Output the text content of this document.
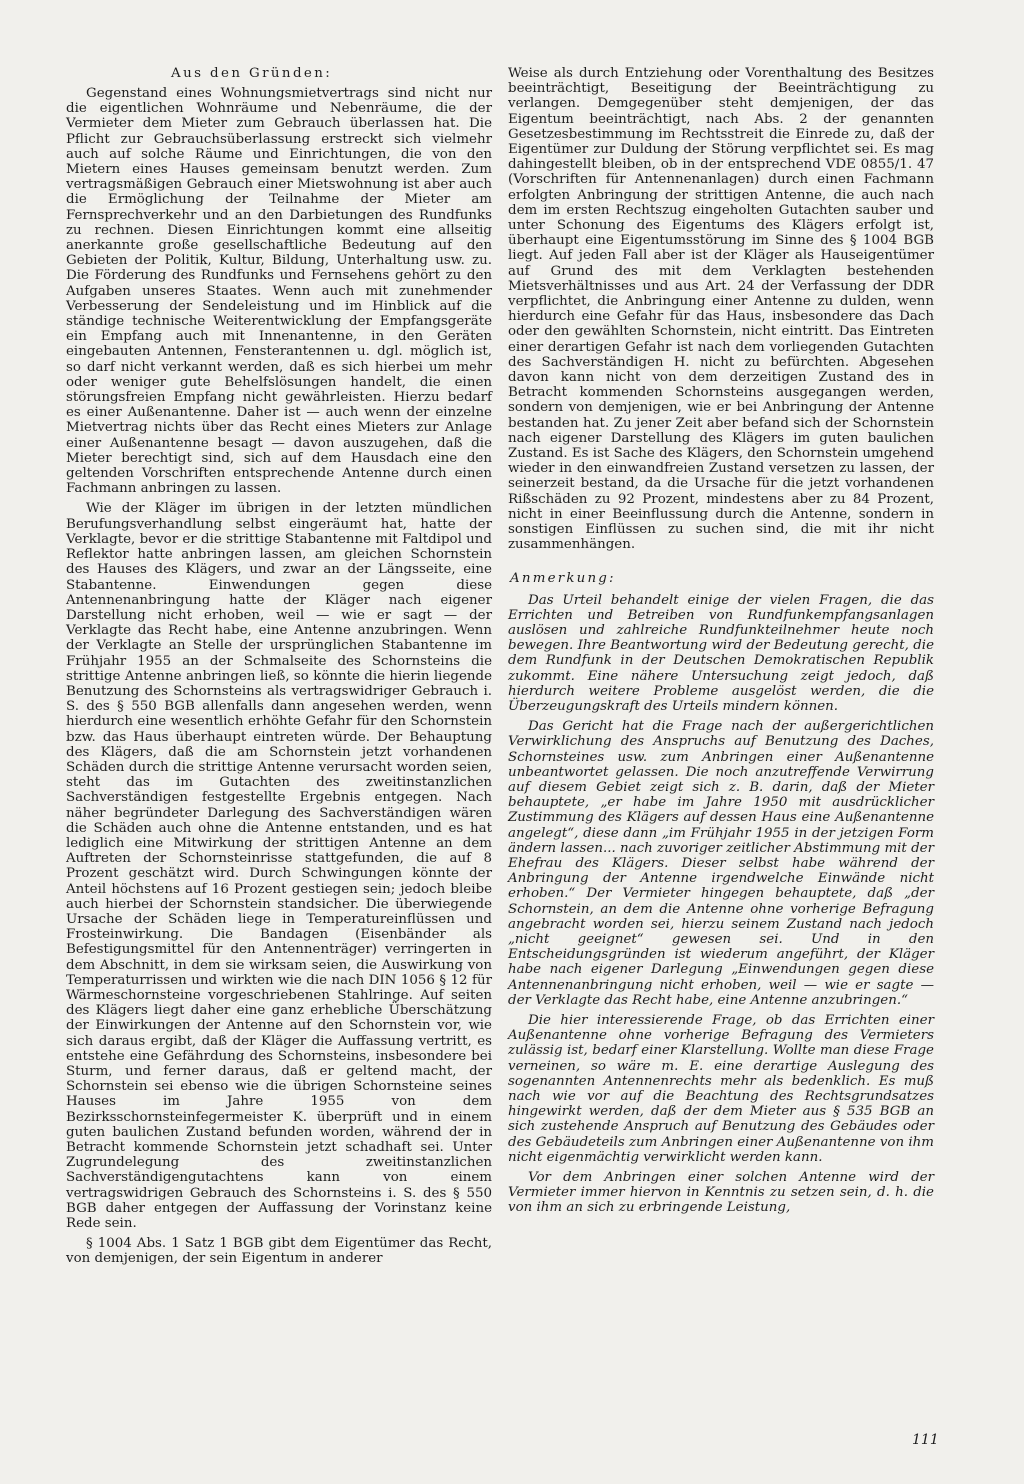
Aus den Gründen:

Gegenstand eines Wohnungsmietvertrags sind nicht nur die eigentlichen Wohnräume und Nebenräume, die der Vermieter dem Mieter zum Gebrauch überlassen hat. Die Pflicht zur Gebrauchsüberlassung erstreckt sich vielmehr auch auf solche Räume und Einrichtungen, die von den Mietern eines Hauses gemeinsam benutzt werden. Zum vertragsmäßigen Gebrauch einer Mietswohnung ist aber auch die Ermöglichung der Teilnahme der Mieter am Fernsprechverkehr und an den Darbietungen des Rundfunks zu rechnen. Diesen Einrichtungen kommt eine allseitig anerkannte große gesellschaftliche Bedeutung auf den Gebieten der Politik, Kultur, Bildung, Unterhaltung usw. zu. Die Förderung des Rundfunks und Fernsehens gehört zu den Aufgaben unseres Staates. Wenn auch mit zunehmender Verbesserung der Sendeleistung und im Hinblick auf die ständige technische Weiterentwicklung der Empfangsgeräte ein Empfang auch mit Innenantenne, in den Geräten eingebauten Antennen, Fensterantennen u. dgl. möglich ist, so darf nicht verkannt werden, daß es sich hierbei um mehr oder weniger gute Behelfslösungen handelt, die einen störungsfreien Empfang nicht gewährleisten. Hierzu bedarf es einer Außenantenne. Daher ist — auch wenn der einzelne Mietvertrag nichts über das Recht eines Mieters zur Anlage einer Außenantenne besagt — davon auszugehen, daß die Mieter berechtigt sind, sich auf dem Hausdach eine den geltenden Vorschriften entsprechende Antenne durch einen Fachmann anbringen zu lassen.

Wie der Kläger im übrigen in der letzten mündlichen Berufungsverhandlung selbst eingeräumt hat, hatte der Verklagte, bevor er die strittige Stabantenne mit Faltdipol und Reflektor hatte anbringen lassen, am gleichen Schornstein des Hauses des Klägers, und zwar an der Längsseite, eine Stabantenne. Einwendungen gegen diese Antennenanbringung hatte der Kläger nach eigener Darstellung nicht erhoben, weil — wie er sagt — der Verklagte das Recht habe, eine Antenne anzubringen. Wenn der Verklagte an Stelle der ursprünglichen Stabantenne im Frühjahr 1955 an der Schmalseite des Schornsteins die strittige Antenne anbringen ließ, so könnte die hierin liegende Benutzung des Schornsteins als vertragswidriger Gebrauch i. S. des § 550 BGB allenfalls dann angesehen werden, wenn hierdurch eine wesentlich erhöhte Gefahr für den Schornstein bzw. das Haus überhaupt eintreten würde. Der Behauptung des Klägers, daß die am Schornstein jetzt vorhandenen Schäden durch die strittige Antenne verursacht worden seien, steht das im Gutachten des zweitinstanzlichen Sachverständigen festgestellte Ergebnis entgegen. Nach näher begründeter Darlegung des Sachverständigen wären die Schäden auch ohne die Antenne entstanden, und es hat lediglich eine Mitwirkung der strittigen Antenne an dem Auftreten der Schornsteinrisse stattgefunden, die auf 8 Prozent geschätzt wird. Durch Schwingungen könnte der Anteil höchstens auf 16 Prozent gestiegen sein; jedoch bleibe auch hierbei der Schornstein standsicher. Die überwiegende Ursache der Schäden liege in Temperatureinflüssen und Frosteinwirkung. Die Bandagen (Eisenbänder als Befestigungsmittel für den Antennenträger) verringerten in dem Abschnitt, in dem sie wirksam seien, die Auswirkung von Temperaturrissen und wirkten wie die nach DIN 1056 § 12 für Wärmeschornsteine vorgeschriebenen Stahlringe. Auf seiten des Klägers liegt daher eine ganz erhebliche Überschätzung der Einwirkungen der Antenne auf den Schornstein vor, wie sich daraus ergibt, daß der Kläger die Auffassung vertritt, es entstehe eine Gefährdung des Schornsteins, insbesondere bei Sturm, und ferner daraus, daß er geltend macht, der Schornstein sei ebenso wie die übrigen Schornsteine seines Hauses im Jahre 1955 von dem Bezirksschornsteinfegermeister K. überprüft und in einem guten baulichen Zustand befunden worden, während der in Betracht kommende Schornstein jetzt schadhaft sei. Unter Zugrundelegung des zweitinstanzlichen Sachverständigengutachtens kann von einem vertragswidrigen Gebrauch des Schornsteins i. S. des § 550 BGB daher entgegen der Auffassung der Vorinstanz keine Rede sein.

§ 1004 Abs. 1 Satz 1 BGB gibt dem Eigentümer das Recht, von demjenigen, der sein Eigentum in anderer

Weise als durch Entziehung oder Vorenthaltung des Besitzes beeinträchtigt, Beseitigung der Beeinträchtigung zu verlangen. Demgegenüber steht demjenigen, der das Eigentum beeinträchtigt, nach Abs. 2 der genannten Gesetzesbestimmung im Rechtsstreit die Einrede zu, daß der Eigentümer zur Duldung der Störung verpflichtet sei. Es mag dahingestellt bleiben, ob in der entsprechend VDE 0855/1. 47 (Vorschriften für Antennenanlagen) durch einen Fachmann erfolgten Anbringung der strittigen Antenne, die auch nach dem im ersten Rechtszug eingeholten Gutachten sauber und unter Schonung des Eigentums des Klägers erfolgt ist, überhaupt eine Eigentumsstörung im Sinne des § 1004 BGB liegt. Auf jeden Fall aber ist der Kläger als Hauseigentümer auf Grund des mit dem Verklagten bestehenden Mietsverhältnisses und aus Art. 24 der Verfassung der DDR verpflichtet, die Anbringung einer Antenne zu dulden, wenn hierdurch eine Gefahr für das Haus, insbesondere das Dach oder den gewählten Schornstein, nicht eintritt. Das Eintreten einer derartigen Gefahr ist nach dem vorliegenden Gutachten des Sachverständigen H. nicht zu befürchten. Abgesehen davon kann nicht von dem derzeitigen Zustand des in Betracht kommenden Schornsteins ausgegangen werden, sondern von demjenigen, wie er bei Anbringung der Antenne bestanden hat. Zu jener Zeit aber befand sich der Schornstein nach eigener Darstellung des Klägers im guten baulichen Zustand. Es ist Sache des Klägers, den Schornstein umgehend wieder in den einwandfreien Zustand versetzen zu lassen, der seinerzeit bestand, da die Ursache für die jetzt vorhandenen Rißschäden zu 92 Prozent, mindestens aber zu 84 Prozent, nicht in einer Beeinflussung durch die Antenne, sondern in sonstigen Einflüssen zu suchen sind, die mit ihr nicht zusammenhängen.

Anmerkung:

Das Urteil behandelt einige der vielen Fragen, die das Errichten und Betreiben von Rundfunkempfangsanlagen auslösen und zahlreiche Rundfunkteilnehmer heute noch bewegen. Ihre Beantwortung wird der Bedeutung gerecht, die dem Rundfunk in der Deutschen Demokratischen Republik zukommt. Eine nähere Untersuchung zeigt jedoch, daß hierdurch weitere Probleme ausgelöst werden, die die Überzeugungskraft des Urteils mindern können.

Das Gericht hat die Frage nach der außergerichtlichen Verwirklichung des Anspruchs auf Benutzung des Daches, Schornsteines usw. zum Anbringen einer Außenantenne unbeantwortet gelassen. Die noch anzutreffende Verwirrung auf diesem Gebiet zeigt sich z. B. darin, daß der Mieter behauptete, „er habe im Jahre 1950 mit ausdrücklicher Zustimmung des Klägers auf dessen Haus eine Außenantenne angelegt“, diese dann „im Frühjahr 1955 in der jetzigen Form ändern lassen... nach zuvoriger zeitlicher Abstimmung mit der Ehefrau des Klägers. Dieser selbst habe während der Anbringung der Antenne irgendwelche Einwände nicht erhoben.“ Der Vermieter hingegen behauptete, daß „der Schornstein, an dem die Antenne ohne vorherige Befragung angebracht worden sei, hierzu seinem Zustand nach jedoch „nicht geeignet“ gewesen sei. Und in den Entscheidungsgründen ist wiederum angeführt, der Kläger habe nach eigener Darlegung „Einwendungen gegen diese Antennenanbringung nicht erhoben, weil — wie er sagte — der Verklagte das Recht habe, eine Antenne anzubringen.“

Die hier interessierende Frage, ob das Errichten einer Außenantenne ohne vorherige Befragung des Vermieters zulässig ist, bedarf einer Klarstellung. Wollte man diese Frage verneinen, so wäre m. E. eine derartige Auslegung des sogenannten Antennenrechts mehr als bedenklich. Es muß nach wie vor auf die Beachtung des Rechtsgrundsatzes hingewirkt werden, daß der dem Mieter aus § 535 BGB an sich zustehende Anspruch auf Benutzung des Gebäudes oder des Gebäudeteils zum Anbringen einer Außenantenne von ihm nicht eigenmächtig verwirklicht werden kann.

Vor dem Anbringen einer solchen Antenne wird der Vermieter immer hiervon in Kenntnis zu setzen sein, d. h. die von ihm an sich zu erbringende Leistung,

111
